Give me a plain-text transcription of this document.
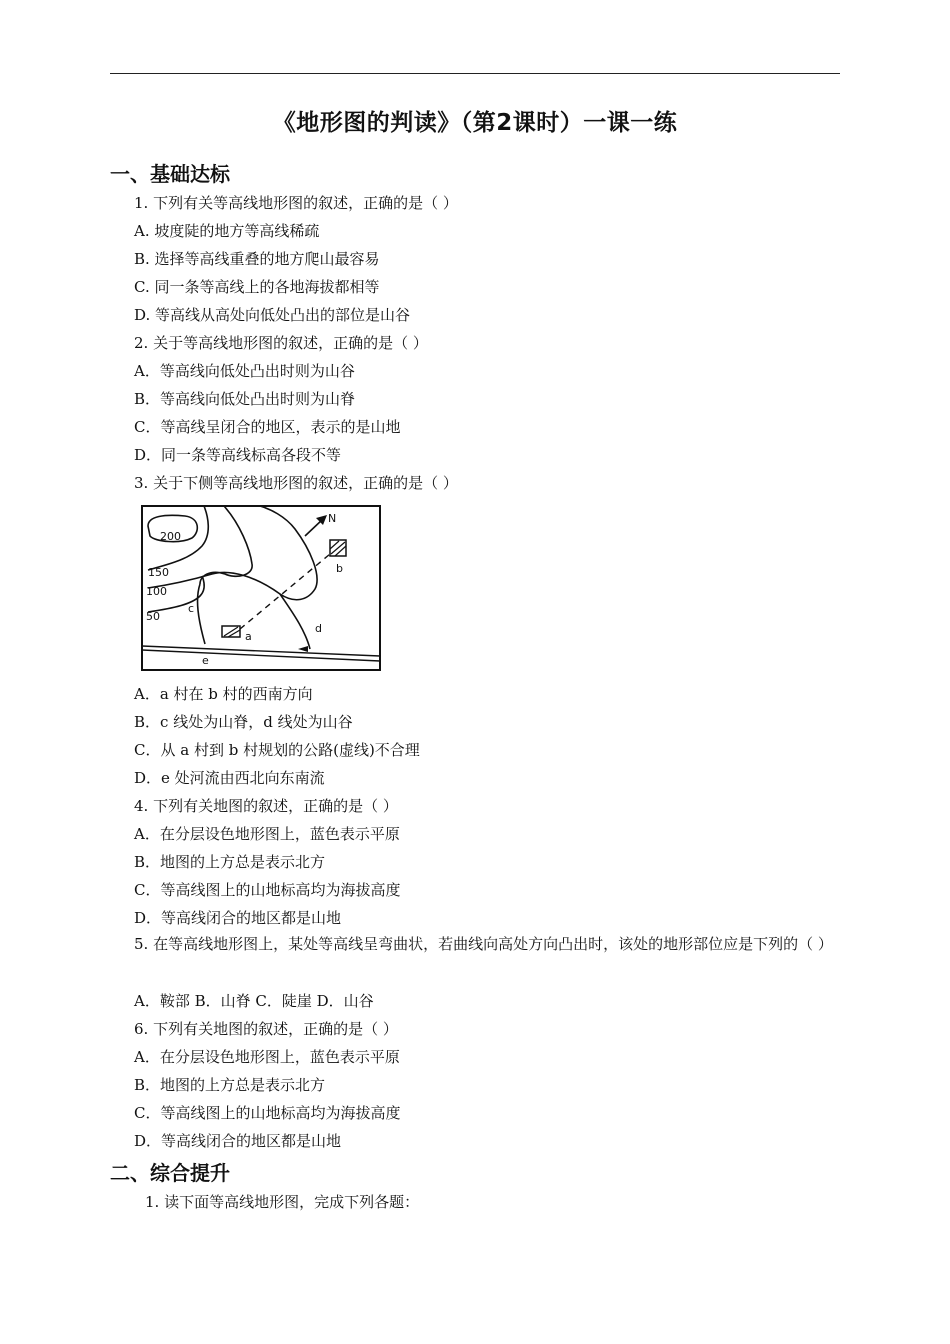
《地形图的判读》（第2课时）一课一练
一、基础达标
1. 下列有关等高线地形图的叙述，正确的是（ ）
A. 坡度陡的地方等高线稀疏
B. 选择等高线重叠的地方爬山最容易
C. 同一条等高线上的各地海拔都相等
D. 等高线从高处向低处凸出的部位是山谷
2. 关于等高线地形图的叙述，正确的是（ ）
A．等高线向低处凸出时则为山谷
B．等高线向低处凸出时则为山脊
C．等高线呈闭合的地区，表示的是山地
D．同一条等高线标高各段不等
3. 关于下侧等高线地形图的叙述，正确的是（ ）
200
150
100
50
N
a
b
c
d
e
A．a 村在 b 村的西南方向
B．c 线处为山脊，d 线处为山谷
C．从 a 村到 b 村规划的公路(虚线)不合理
D．e 处河流由西北向东南流
4. 下列有关地图的叙述，正确的是（ ）
A．在分层设色地形图上，蓝色表示平原
B．地图的上方总是表示北方
C．等高线图上的山地标高均为海拔高度
D．等高线闭合的地区都是山地
5. 在等高线地形图上，某处等高线呈弯曲状，若曲线向高处方向凸出时，该处的地形部位应是下列的（ ）
A．鞍部 B．山脊 C．陡崖 D．山谷
6. 下列有关地图的叙述，正确的是（ ）
A．在分层设色地形图上，蓝色表示平原
B．地图的上方总是表示北方
C．等高线图上的山地标高均为海拔高度
D．等高线闭合的地区都是山地
二、综合提升
1. 读下面等高线地形图，完成下列各题：
